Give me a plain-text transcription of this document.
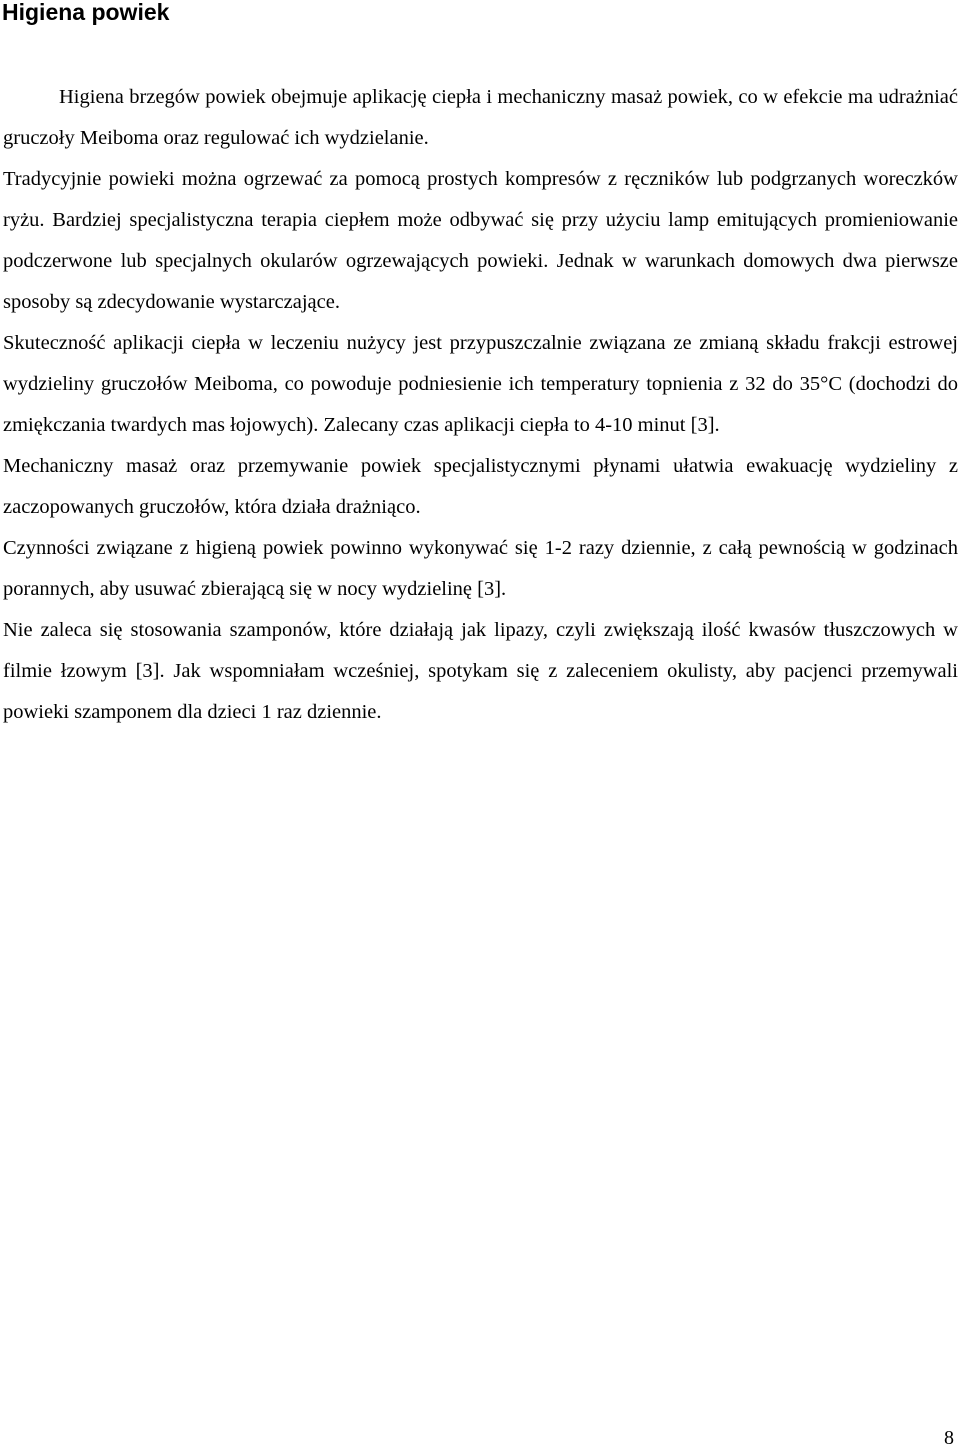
Higiena powiek

Higiena brzegów powiek obejmuje aplikację ciepła i mechaniczny masaż powiek, co w efekcie ma udrażniać gruczoły Meiboma oraz regulować ich wydzielanie.

Tradycyjnie powieki można ogrzewać za pomocą prostych kompresów z ręczników lub podgrzanych woreczków ryżu. Bardziej specjalistyczna terapia ciepłem może odbywać się przy użyciu lamp emitujących promieniowanie podczerwone lub specjalnych okularów ogrzewających powieki. Jednak w warunkach domowych dwa pierwsze sposoby są zdecydowanie wystarczające.

Skuteczność aplikacji ciepła w leczeniu nużycy jest przypuszczalnie związana ze zmianą składu frakcji estrowej wydzieliny gruczołów Meiboma, co powoduje podniesienie ich temperatury topnienia z 32 do 35°C (dochodzi do zmiękczania twardych mas łojowych). Zalecany czas aplikacji ciepła to 4-10 minut [3].

Mechaniczny masaż oraz przemywanie powiek specjalistycznymi płynami ułatwia ewakuację wydzieliny z zaczopowanych gruczołów, która działa drażniąco.

Czynności związane z higieną powiek powinno wykonywać się 1-2 razy dziennie, z całą pewnością w godzinach porannych, aby usuwać zbierającą się w nocy wydzielinę [3].

Nie zaleca się stosowania szamponów, które działają jak lipazy, czyli zwiększają ilość kwasów tłuszczowych w filmie łzowym [3]. Jak wspomniałam wcześniej, spotykam się z zaleceniem okulisty, aby pacjenci przemywali powieki szamponem dla dzieci 1 raz dziennie.

8
